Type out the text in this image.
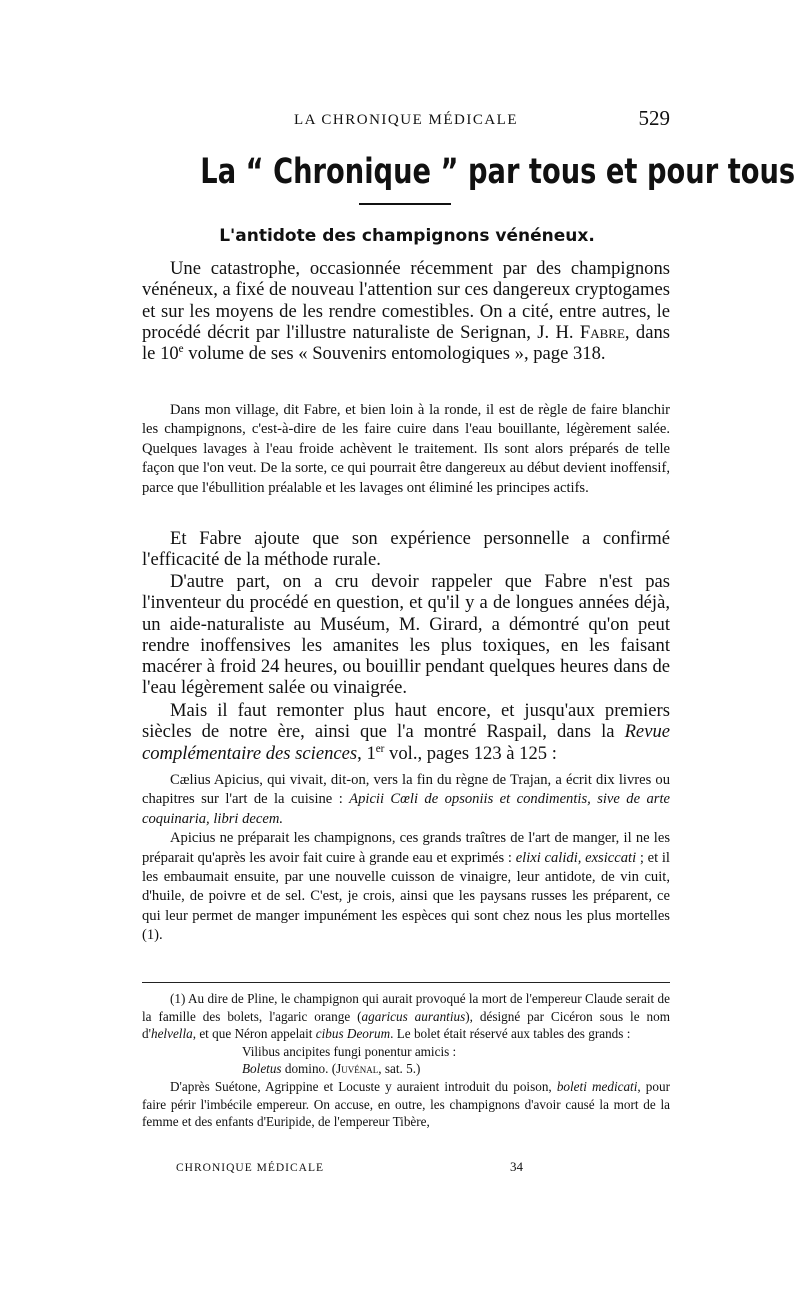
LA CHRONIQUE MÉDICALE	529
La “ Chronique ” par tous et pour tous
L'antidote des champignons vénéneux.
Une catastrophe, occasionnée récemment par des champignons vénéneux, a fixé de nouveau l'attention sur ces dangereux cryptogames et sur les moyens de les rendre comestibles. On a cité, entre autres, le procédé décrit par l'illustre naturaliste de Serignan, J. H. Fabre, dans le 10e volume de ses « Souvenirs entomologiques », page 318.
Dans mon village, dit Fabre, et bien loin à la ronde, il est de règle de faire blanchir les champignons, c'est-à-dire de les faire cuire dans l'eau bouillante, légèrement salée. Quelques lavages à l'eau froide achèvent le traitement. Ils sont alors préparés de telle façon que l'on veut. De la sorte, ce qui pourrait être dangereux au début devient inoffensif, parce que l'ébullition préalable et les lavages ont éliminé les principes actifs.
Et Fabre ajoute que son expérience personnelle a confirmé l'efficacité de la méthode rurale.
D'autre part, on a cru devoir rappeler que Fabre n'est pas l'inventeur du procédé en question, et qu'il y a de longues années déjà, un aide-naturaliste au Muséum, M. Girard, a démontré qu'on peut rendre inoffensives les amanites les plus toxiques, en les faisant macérer à froid 24 heures, ou bouillir pendant quelques heures dans de l'eau légèrement salée ou vinaigrée.
Mais il faut remonter plus haut encore, et jusqu'aux premiers siècles de notre ère, ainsi que l'a montré Raspail, dans la Revue complémentaire des sciences, 1er vol., pages 123 à 125 :

Cælius Apicius, qui vivait, dit-on, vers la fin du règne de Trajan, a écrit dix livres ou chapitres sur l'art de la cuisine : Apicii Cœli de opsoniis et condimentis, sive de arte coquinaria, libri decem.

Apicius ne préparait les champignons, ces grands traîtres de l'art de manger, il ne les préparait qu'après les avoir fait cuire à grande eau et exprimés : elixi calidi, exsiccati ; et il les embaumait ensuite, par une nouvelle cuisson de vinaigre, leur antidote, de vin cuit, d'huile, de poivre et de sel. C'est, je crois, ainsi que les paysans russes les préparent, ce qui leur permet de manger impunément les espèces qui sont chez nous les plus mortelles (1).

(1) Au dire de Pline, le champignon qui aurait provoqué la mort de l'empereur Claude serait de la famille des bolets, l'agaric orange (agaricus aurantius), désigné par Cicéron sous le nom d'helvella, et que Néron appelait cibus Deorum. Le bolet était réservé aux tables des grands :

Vilibus ancipites fungi ponentur amicis :

Boletus domino. (Juvénal, sat. 5.)

D'après Suétone, Agrippine et Locuste y auraient introduit du poison, boleti medicati, pour faire périr l'imbécile empereur. On accuse, en outre, les champignons d'avoir causé la mort de la femme et des enfants d'Euripide, de l'empereur Tibère,

CHRONIQUE MÉDICALE	34
